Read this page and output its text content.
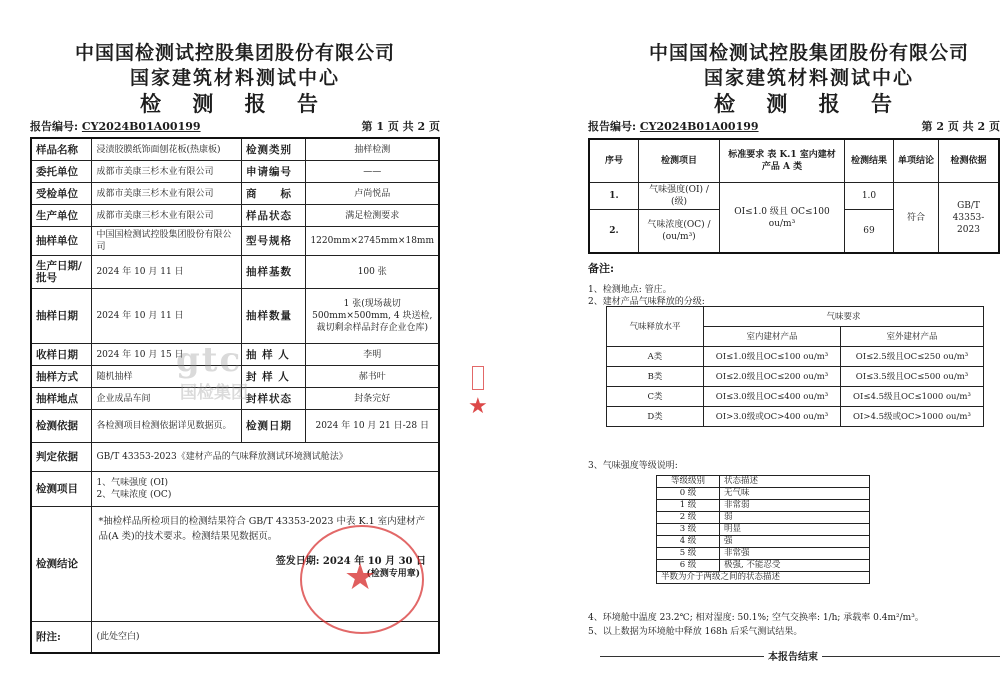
中国国检测试控股集团股份有限公司
国家建筑材料测试中心
检 测 报 告
报告编号: CY2024B01A00199	第 1 页 共 2 页
样品名称	浸渍胶膜纸饰面刨花板(热康板)	检测类别	抽样检测
委托单位	成都市美康三杉木业有限公司	申请编号	——
受检单位	成都市美康三杉木业有限公司	商　　标	卢尚悦品
生产单位	成都市美康三杉木业有限公司	样品状态	满足检测要求
抽样单位	中国国检测试控股集团股份有限公司	型号规格	1220mm×2745mm×18mm
生产日期/批号	2024 年 10 月 11 日	抽样基数	100 张
抽样日期	2024 年 10 月 11 日	抽样数量	1 张(现场裁切 500mm×500mm, 4 块送检, 裁切剩余样品封存企业仓库)
收样日期	2024 年 10 月 15 日	抽 样 人	李明
抽样方式	随机抽样	封 样 人	郝书叶
抽样地点	企业成品车间	封样状态	封条完好
检测依据	各检测项目检测依据详见数据页。	检测日期	2024 年 10 月 21 日-28 日
判定依据	GB/T 43353-2023《建材产品的气味释放测试环境测试舱法》		
检测项目	1、气味强度 (OI)
2、气味浓度 (OC)		

检测结论	*抽检样品所检项目的检测结果符合 GB/T 43353-2023 中表 K.1 室内建材产品(A 类)的技术要求。检测结果见数据页。
签发日期: 2024 年 10 月 30 日
(检测专用章)		

附注:	(此处空白)		
gtc
国检集团
★
★
中国国检测试控股集团股份有限公司
国家建筑材料测试中心
检 测 报 告
报告编号: CY2024B01A00199	第 2 页 共 2 页
序号	检测项目	标准要求 表 K.1 室内建材产品 A 类	检测结果	单项结论	检测依据
1.	气味强度(OI) / (级)	OI≤1.0 级且 OC≤100 ou/m³	1.0	符合	GB/T 43353-2023
2.	气味浓度(OC) / (ou/m³)		69		
备注:
1、检测地点: 管庄。
2、建材产品气味释放的分级:
气味释放水平	气味要求	
	室内建材产品	室外建材产品
A类	OI≤1.0级且OC≤100 ou/m³	OI≤2.5级且OC≤250 ou/m³
B类	OI≤2.0级且OC≤200 ou/m³	OI≤3.5级且OC≤500 ou/m³
C类	OI≤3.0级且OC≤400 ou/m³	OI≤4.5级且OC≤1000 ou/m³
D类	OI>3.0级或OC>400 ou/m³	OI>4.5级或OC>1000 ou/m³
3、气味强度等级说明:
等级级别	状态描述
0 级	无气味
1 级	非常弱
2 级	弱
3 级	明显
4 级	强
5 级	非常强
6 级	极强, 不能忍受
半数为介于两级之间的状态描述	
4、环境舱中温度 23.2℃; 相对湿度: 50.1%; 空气交换率: 1/h; 承载率 0.4m²/m³。
5、以上数据为环境舱中释放 168h 后采气测试结果。
本报告结束
